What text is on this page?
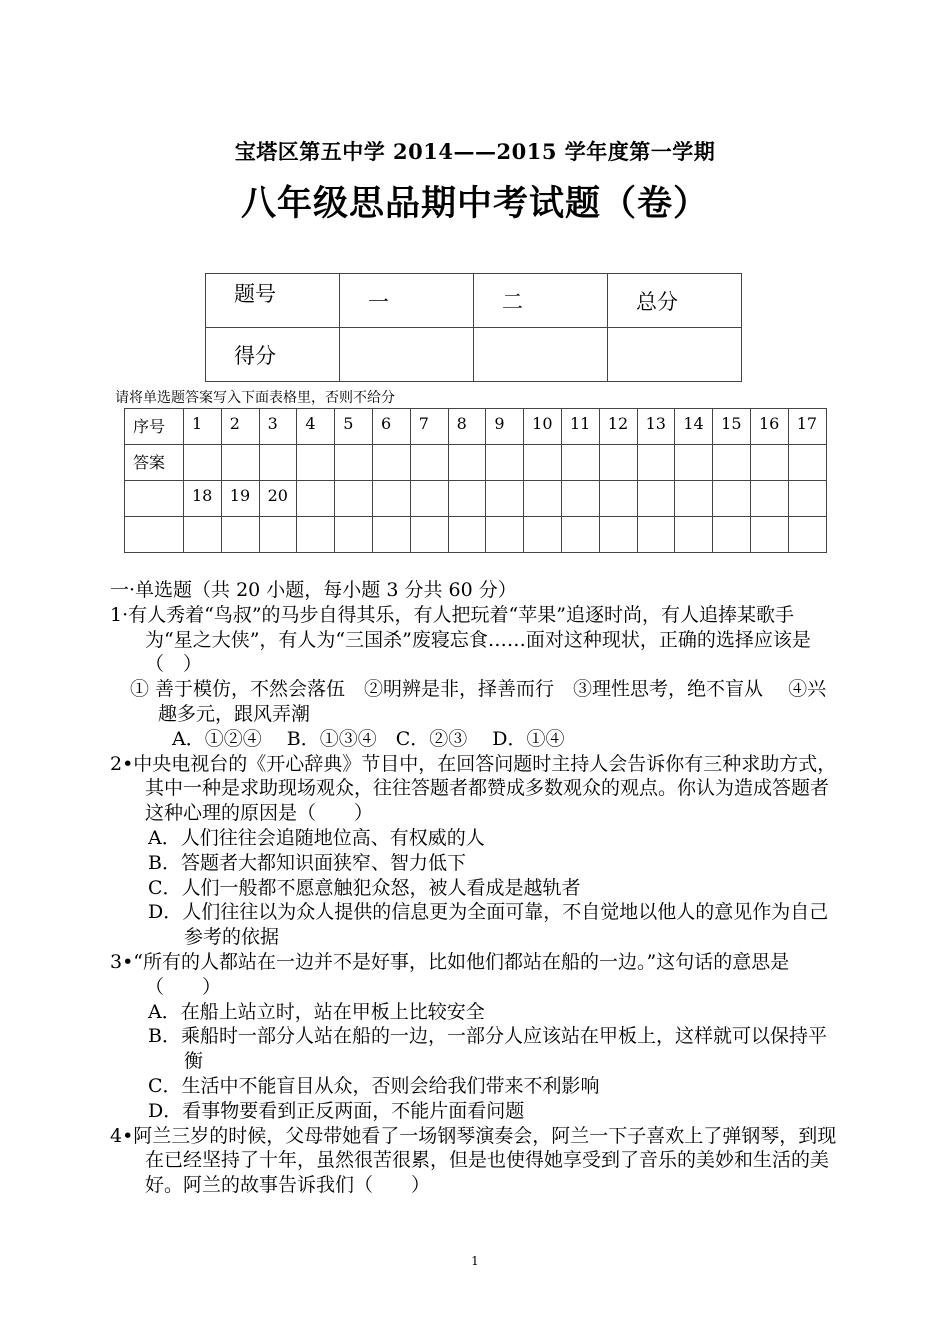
宝塔区第五中学 2014——2015 学年度第一学期
八年级思品期中考试题（卷）
题号	一	二	总分
得分			
请将单选题答案写入下面表格里，否则不给分
序号	1	2	3	4	5	6	7	8	9	10	11	12	13	14	15	16	17
答案																	
	18	19	20														

一·单选题（共 20 小题，每小题 3 分共 60 分）

1·有人秀着“鸟叔”的马步自得其乐，有人把玩着“苹果”追逐时尚，有人追捧某歌手为“星之大侠”，有人为“三国杀”废寝忘食……面对这种现状，正确的选择应该是（　）

① 善于模仿，不然会落伍　②明辨是非，择善而行　③理性思考，绝不盲从　 ④兴趣多元，跟风弄潮

A．①②④　 B．①③④　C．②③　 D．①④

2•中央电视台的《开心辞典》节目中，在回答问题时主持人会告诉你有三种求助方式，其中一种是求助现场观众，往往答题者都赞成多数观众的观点。你认为造成答题者这种心理的原因是（　　）

A．人们往往会追随地位高、有权威的人

B．答题者大都知识面狭窄、智力低下

C．人们一般都不愿意触犯众怒，被人看成是越轨者

D．人们往往以为众人提供的信息更为全面可靠，不自觉地以他人的意见作为自己参考的依据

3•“所有的人都站在一边并不是好事，比如他们都站在船的一边。”这句话的意思是（　　）

A．在船上站立时，站在甲板上比较安全

B．乘船时一部分人站在船的一边，一部分人应该站在甲板上，这样就可以保持平衡

C．生活中不能盲目从众，否则会给我们带来不利影响

D．看事物要看到正反两面，不能片面看问题

4•阿兰三岁的时候，父母带她看了一场钢琴演奏会，阿兰一下子喜欢上了弹钢琴，到现在已经坚持了十年，虽然很苦很累，但是也使得她享受到了音乐的美妙和生活的美好。阿兰的故事告诉我们（　　）

1
